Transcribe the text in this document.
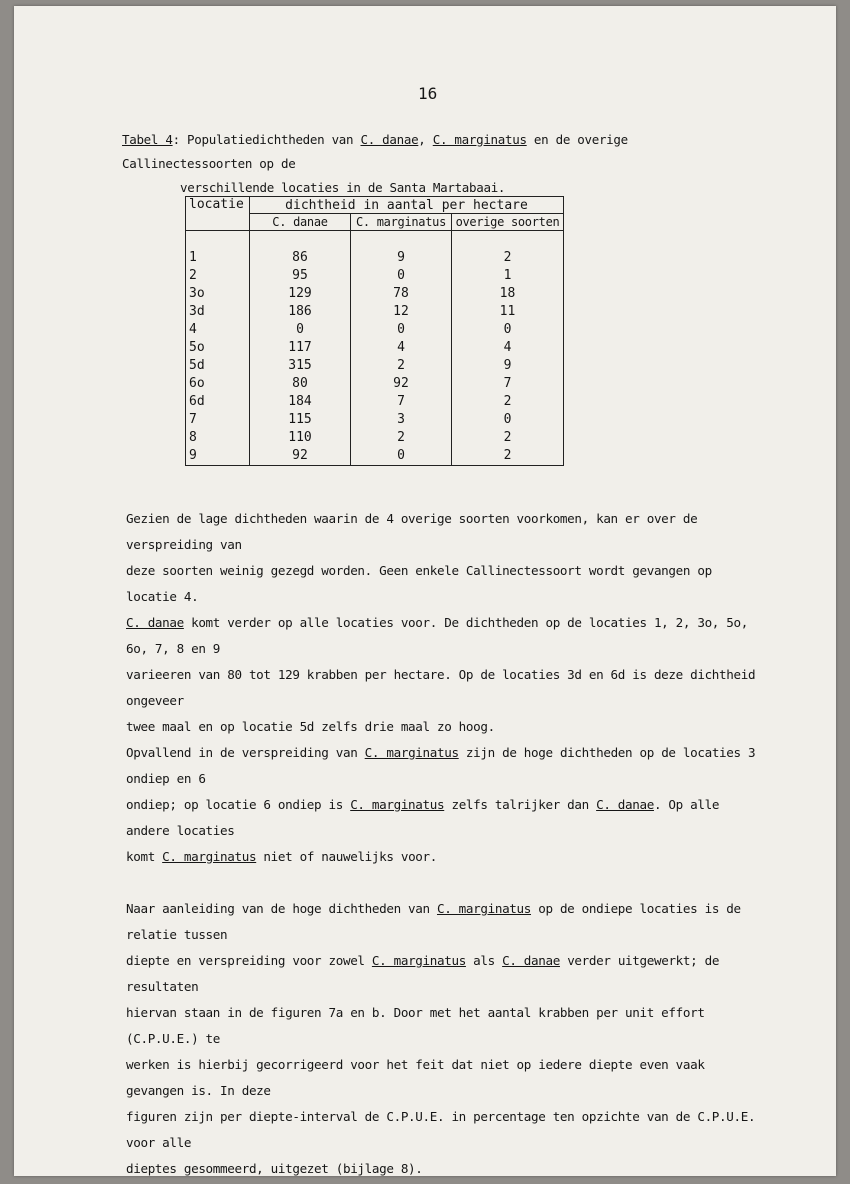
16
Tabel 4: Populatiedichtheden van C. danae, C. marginatus en de overige Callinectessoorten op de
verschillende locaties in de Santa Martabaai.
locatie	dichtheid in aantal per hectare		
	C. danae	C. marginatus	overige soorten

1	86	9	2
2	95	0	1
3o	129	78	18
3d	186	12	11
4	0	0	0
5o	117	4	4
5d	315	2	9
6o	80	92	7
6d	184	7	2
7	115	3	0
8	110	2	2
9	92	0	2

Gezien de lage dichtheden waarin de 4 overige soorten voorkomen, kan er over de verspreiding van

deze soorten weinig gezegd worden. Geen enkele Callinectessoort wordt gevangen op locatie 4.

C. danae komt verder op alle locaties voor. De dichtheden op de locaties 1, 2, 3o, 5o, 6o, 7, 8 en 9

varieeren van 80 tot 129 krabben per hectare. Op de locaties 3d en 6d is deze dichtheid ongeveer

twee maal en op locatie 5d zelfs drie maal zo hoog.

Opvallend in de verspreiding van C. marginatus zijn de hoge dichtheden op de locaties 3 ondiep en 6

ondiep; op locatie 6 ondiep is C. marginatus zelfs talrijker dan C. danae. Op alle andere locaties

komt C. marginatus niet of nauwelijks voor.

Naar aanleiding van de hoge dichtheden van C. marginatus op de ondiepe locaties is de relatie tussen

diepte en verspreiding voor zowel C. marginatus als C. danae verder uitgewerkt; de resultaten

hiervan staan in de figuren 7a en b. Door met het aantal krabben per unit effort (C.P.U.E.) te

werken is hierbij gecorrigeerd voor het feit dat niet op iedere diepte even vaak gevangen is. In deze

figuren zijn per diepte-interval de C.P.U.E. in percentage ten opzichte van de C.P.U.E. voor alle

dieptes gesommeerd, uitgezet (bijlage 8).
